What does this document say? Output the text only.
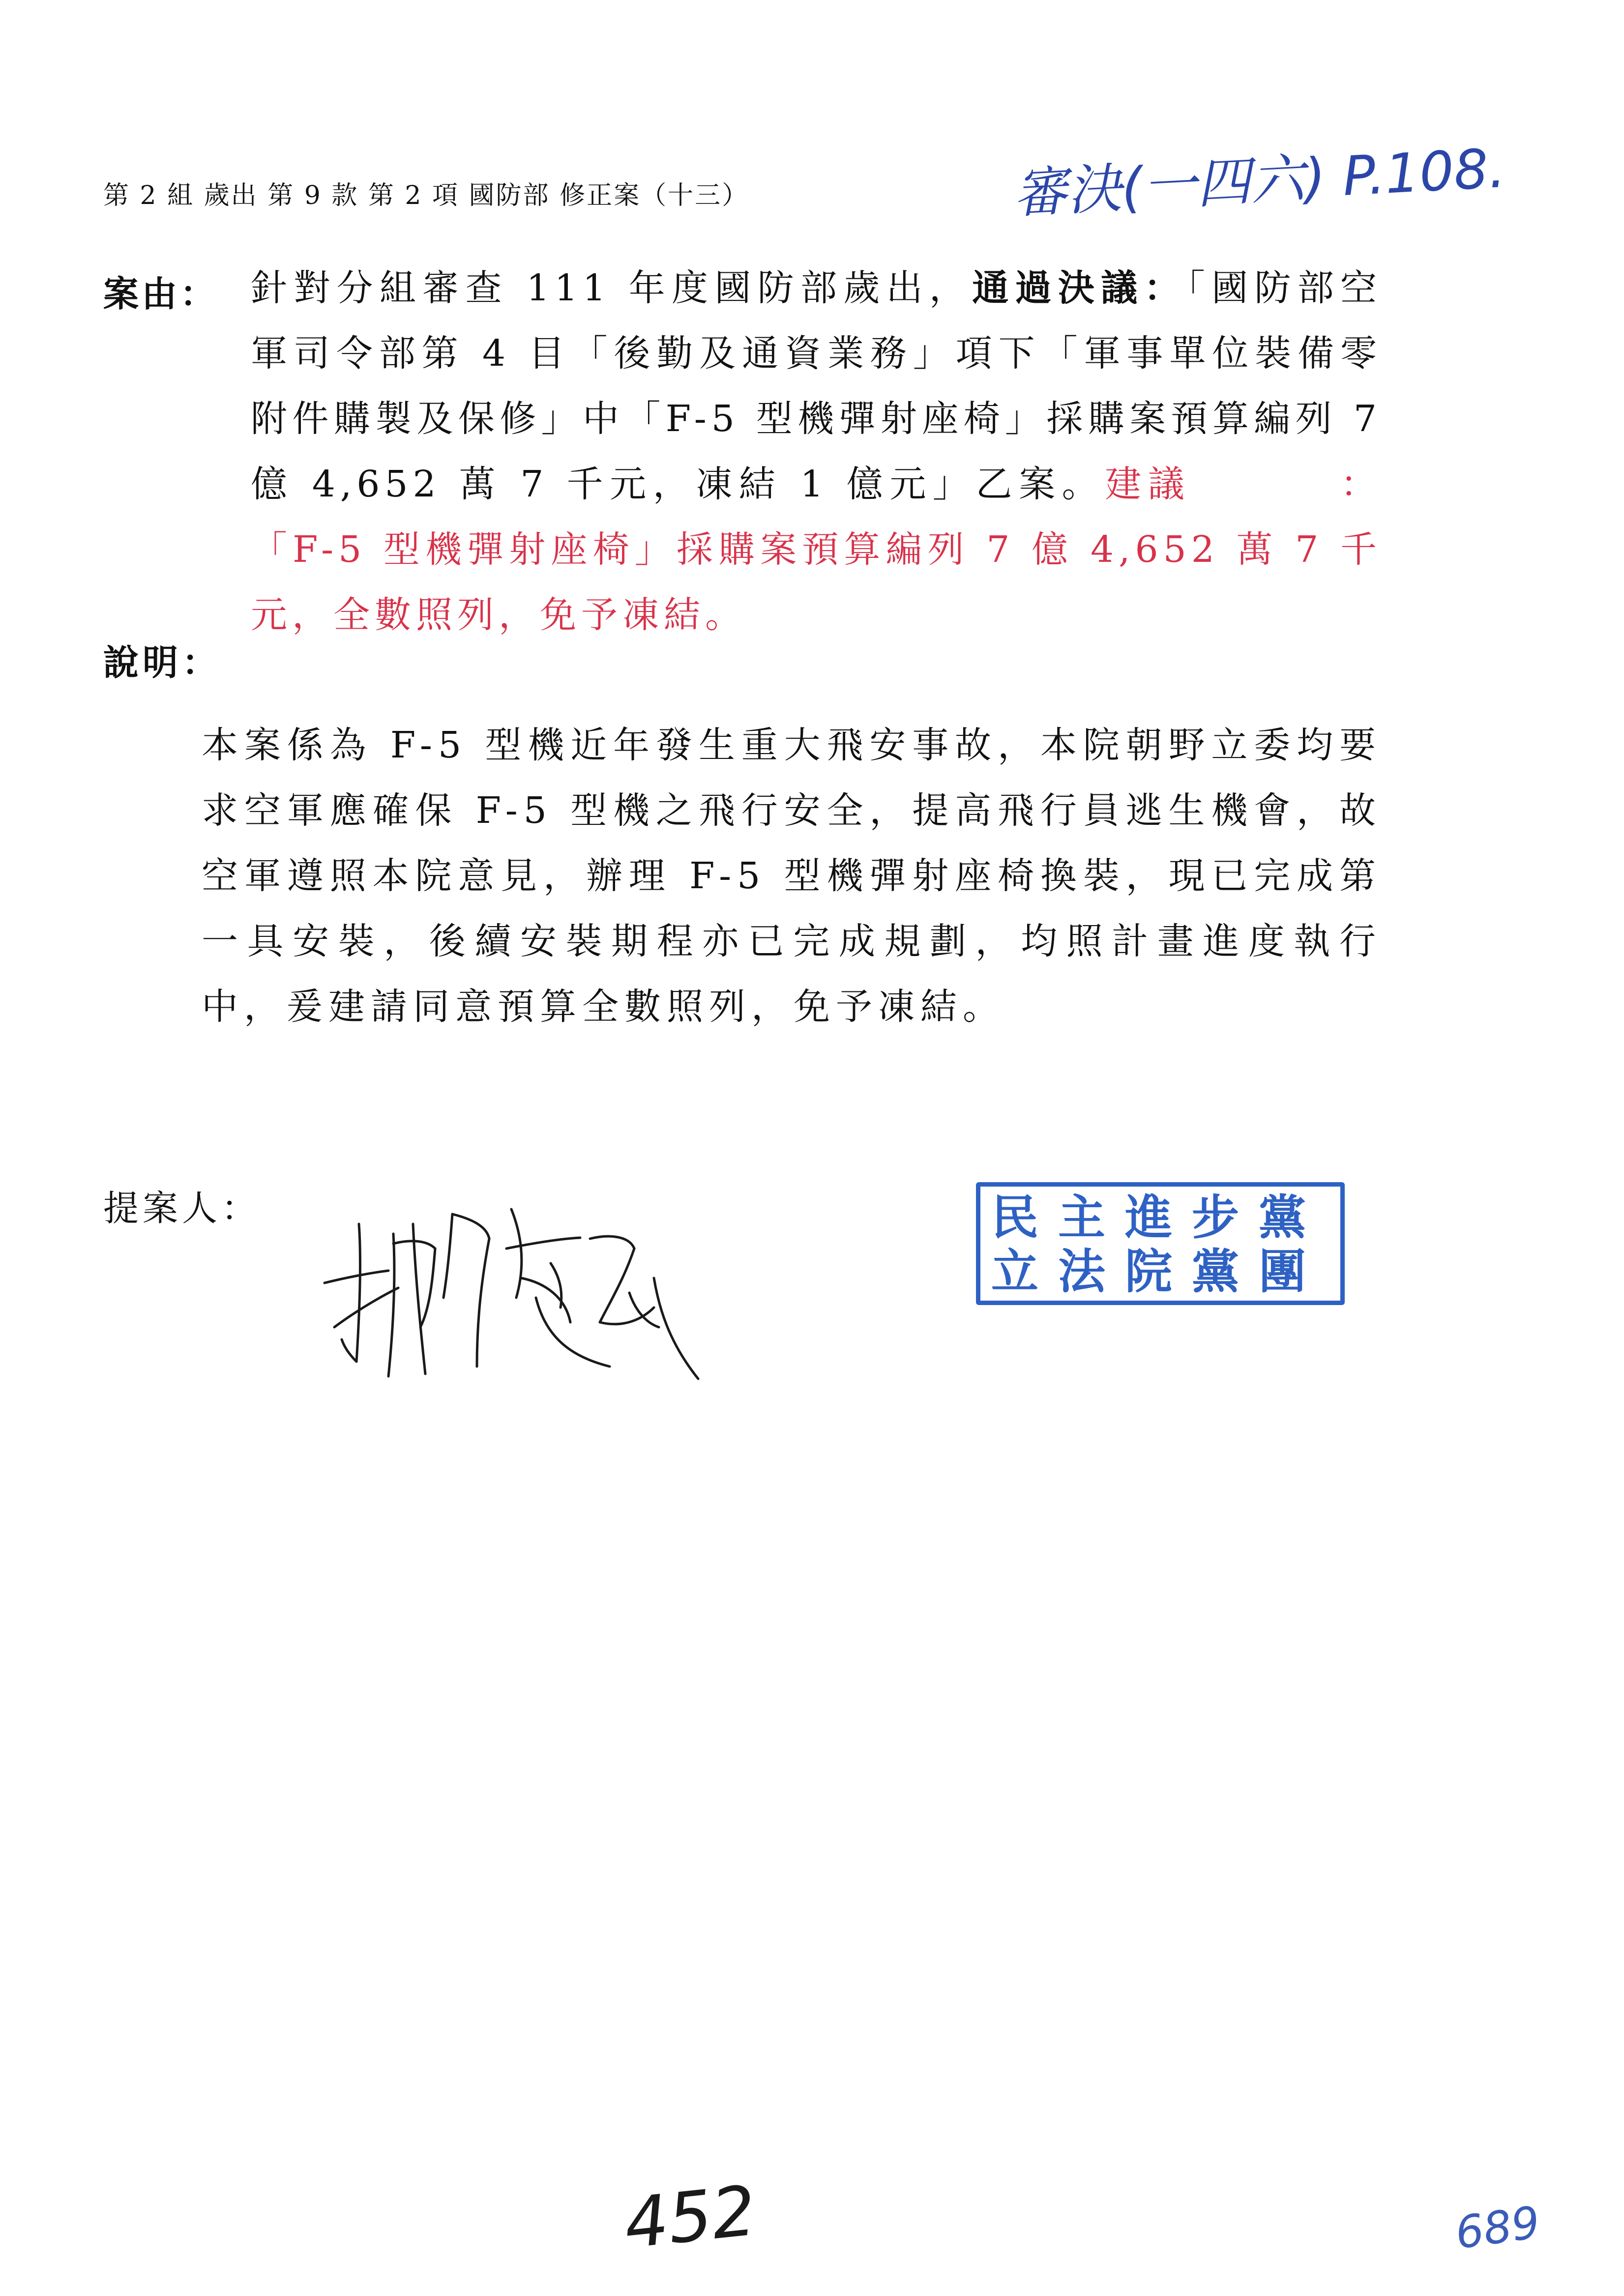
第 2 組 歲出 第 9 款 第 2 項 國防部 修正案（十三）	審決(一四六) P.108.
案由： 針對分組審查 111 年度國防部歲出，通過決議：「國防部空軍司令部第 4 目「後勤及通資業務」項下「軍事單位裝備零附件購製及保修」中「F-5 型機彈射座椅」採購案預算編列 7 億 4,652 萬 7 千元，凍結 1 億元」乙案。建議	：「F-5 型機彈射座椅」採購案預算編列 7 億 4,652 萬 7 千元，全數照列，免予凍結。
說明：
本案係為 F-5 型機近年發生重大飛安事故，本院朝野立委均要求空軍應確保 F-5 型機之飛行安全，提高飛行員逃生機會，故空軍遵照本院意見，辦理 F-5 型機彈射座椅換裝，現已完成第一具安裝，後續安裝期程亦已完成規劃，均照計畫進度執行中，爰建請同意預算全數照列，免予凍結。
提案人：	民主進步黨
立法院黨團
452	689
